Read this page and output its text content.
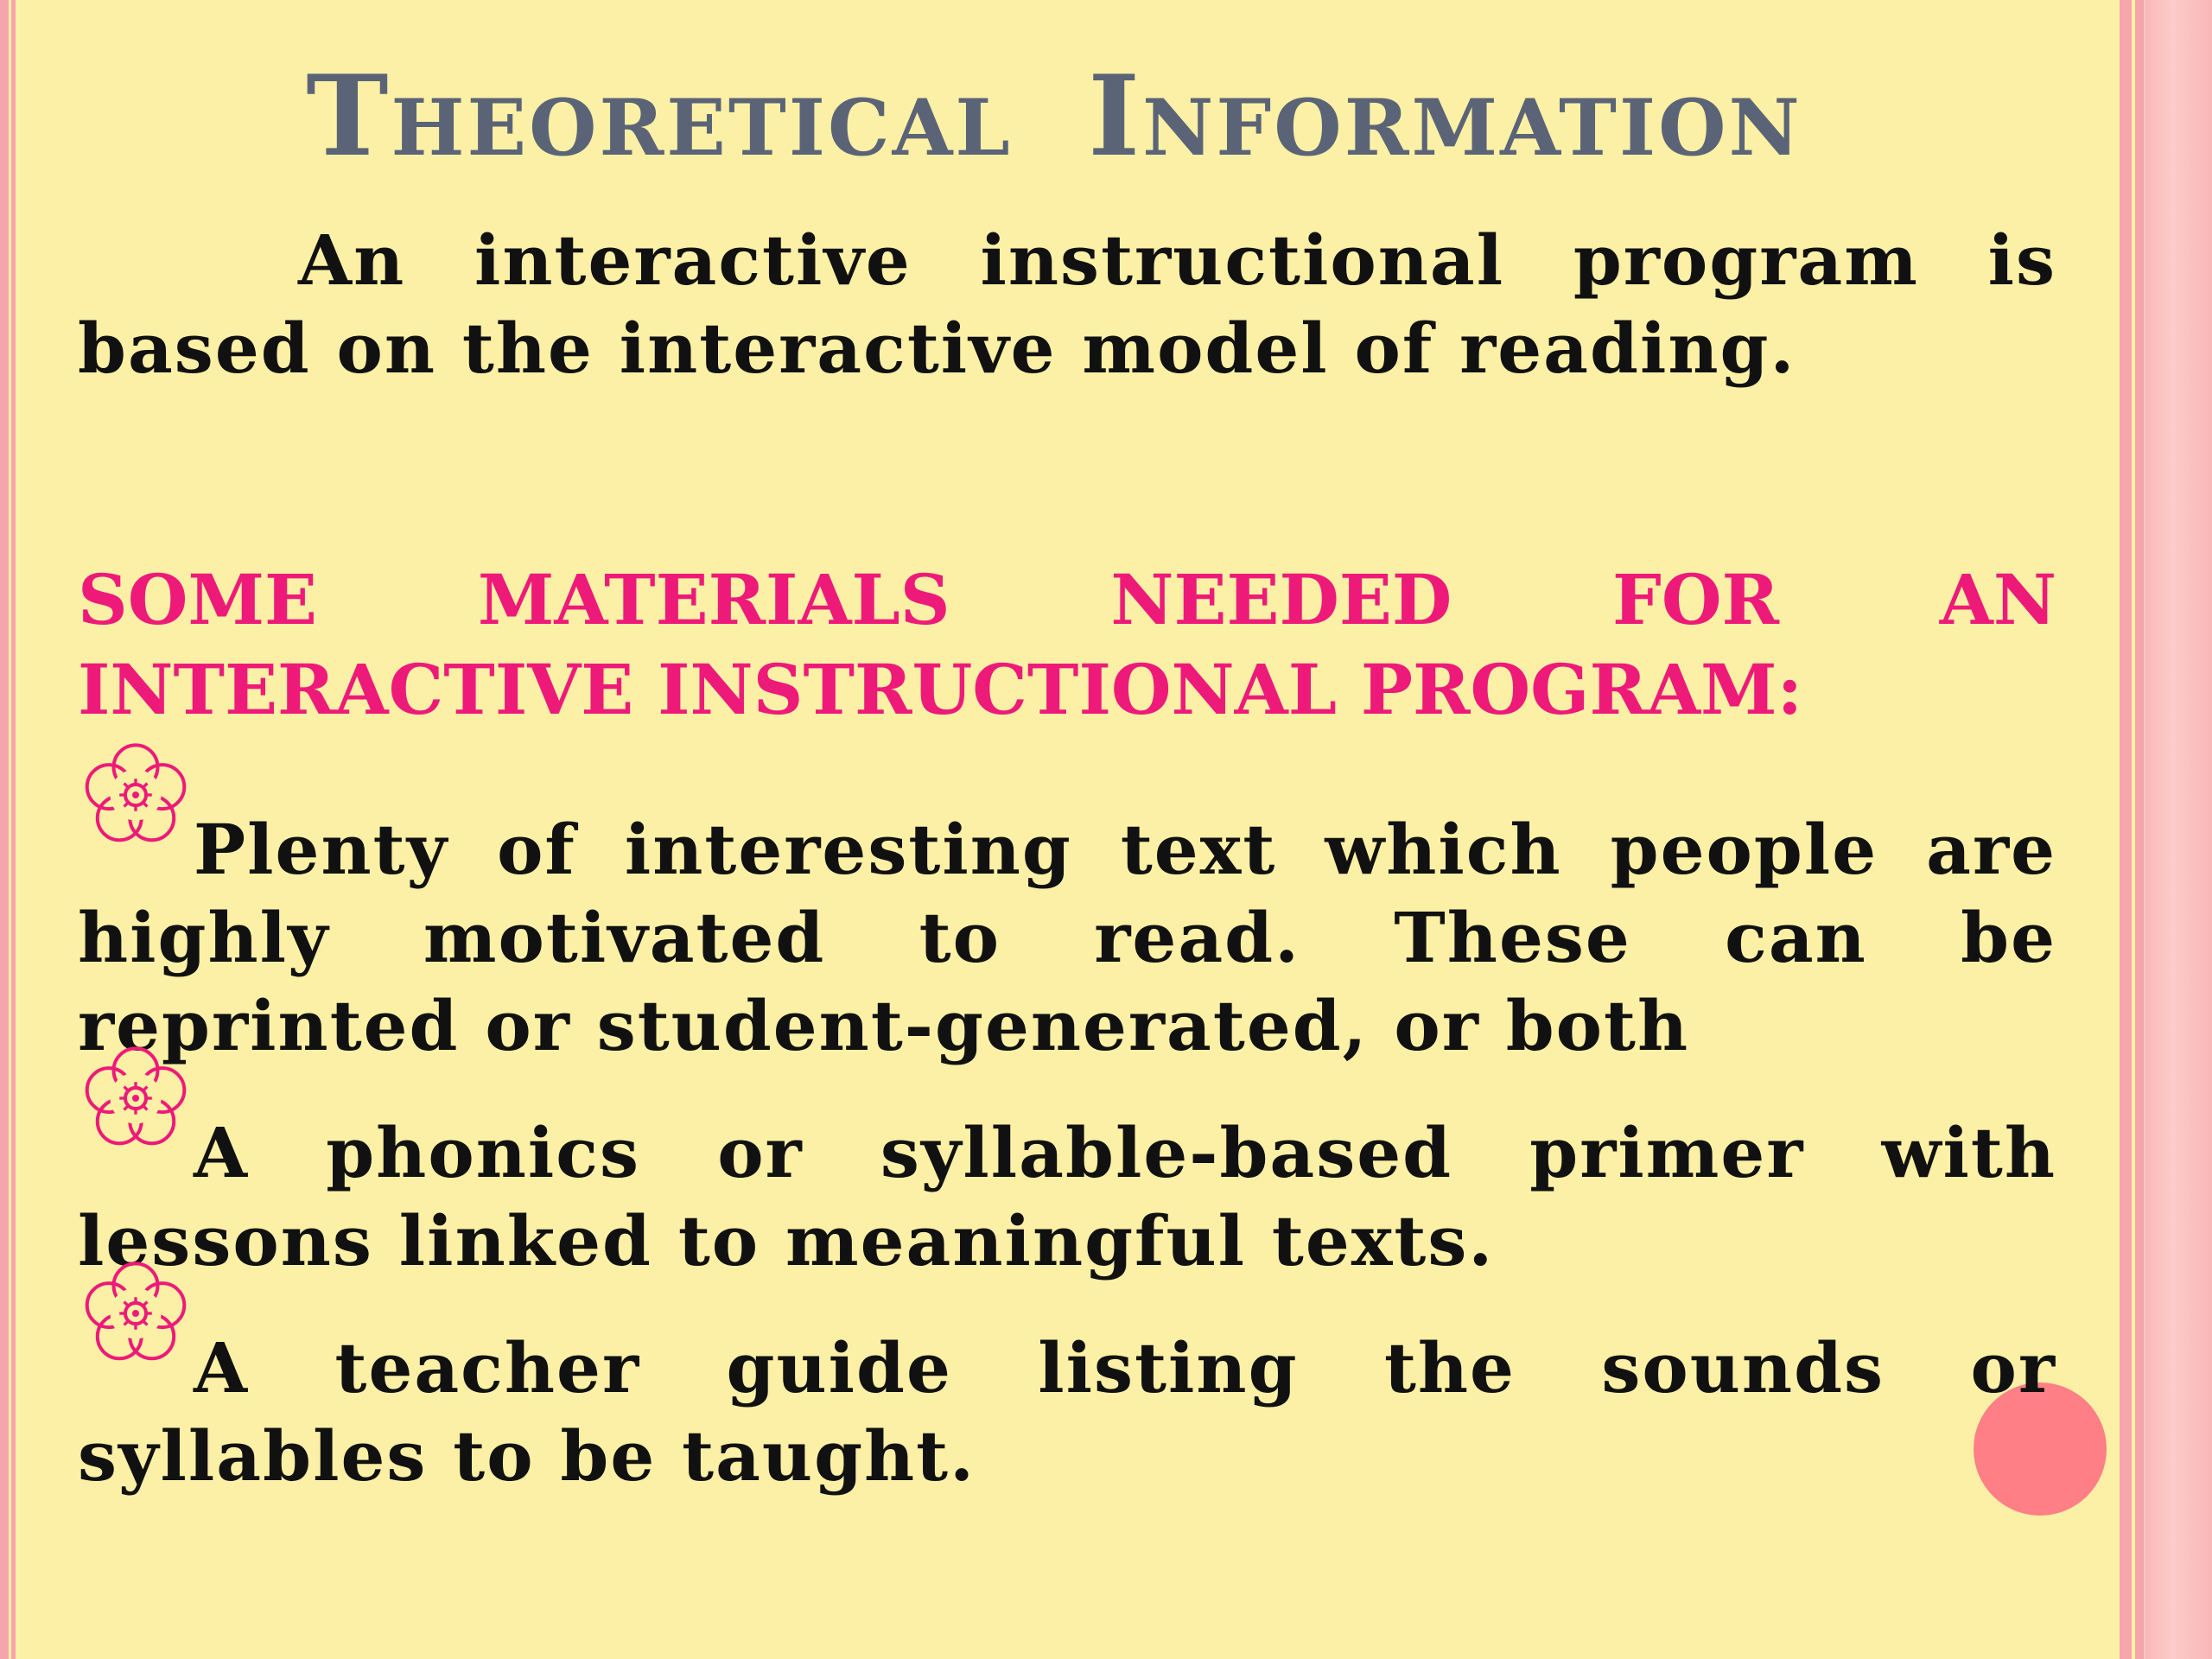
Theoretical Information

An interactive instructional program is based on the interactive model of reading.

SOME MATERIALS NEEDED FOR AN INTERACTIVE INSTRUCTIONAL PROGRAM:

Plenty of interesting text which people are highly motivated to read. These can be reprinted or student-generated, or both

A phonics or syllable-based primer with lessons linked to meaningful texts.

A teacher guide listing the sounds or syllables to be taught.
